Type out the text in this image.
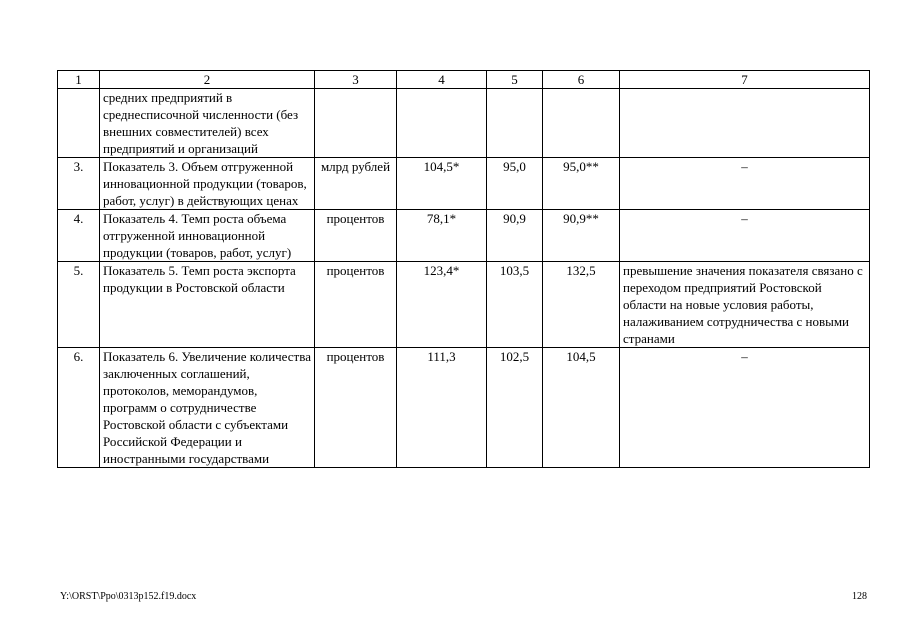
1	2	3	4	5	6	7
	средних предприятий в среднесписочной численности (без внешних совместителей) всех предприятий и организаций					
3.	Показатель 3. Объем отгруженной инновационной продукции (товаров, работ, услуг) в действующих ценах	млрд рублей	104,5*	95,0	95,0**	–
4.	Показатель 4. Темп роста объема отгруженной инновационной продукции (товаров, работ, услуг)	процентов	78,1*	90,9	90,9**	–
5.	Показатель 5. Темп роста экспорта продукции в Ростовской области	процентов	123,4*	103,5	132,5	превышение значения показателя связано с переходом предприятий Ростовской области на новые условия работы, налаживанием сотрудничества с новыми странами
6.	Показатель 6. Увеличение количества заключенных соглашений, протоколов, меморандумов, программ о сотрудничестве Ростовской области с субъектами Российской Федерации и иностранными государствами	процентов	111,3	102,5	104,5	–
Y:\ORST\Ppo\0313p152.f19.docx	128
